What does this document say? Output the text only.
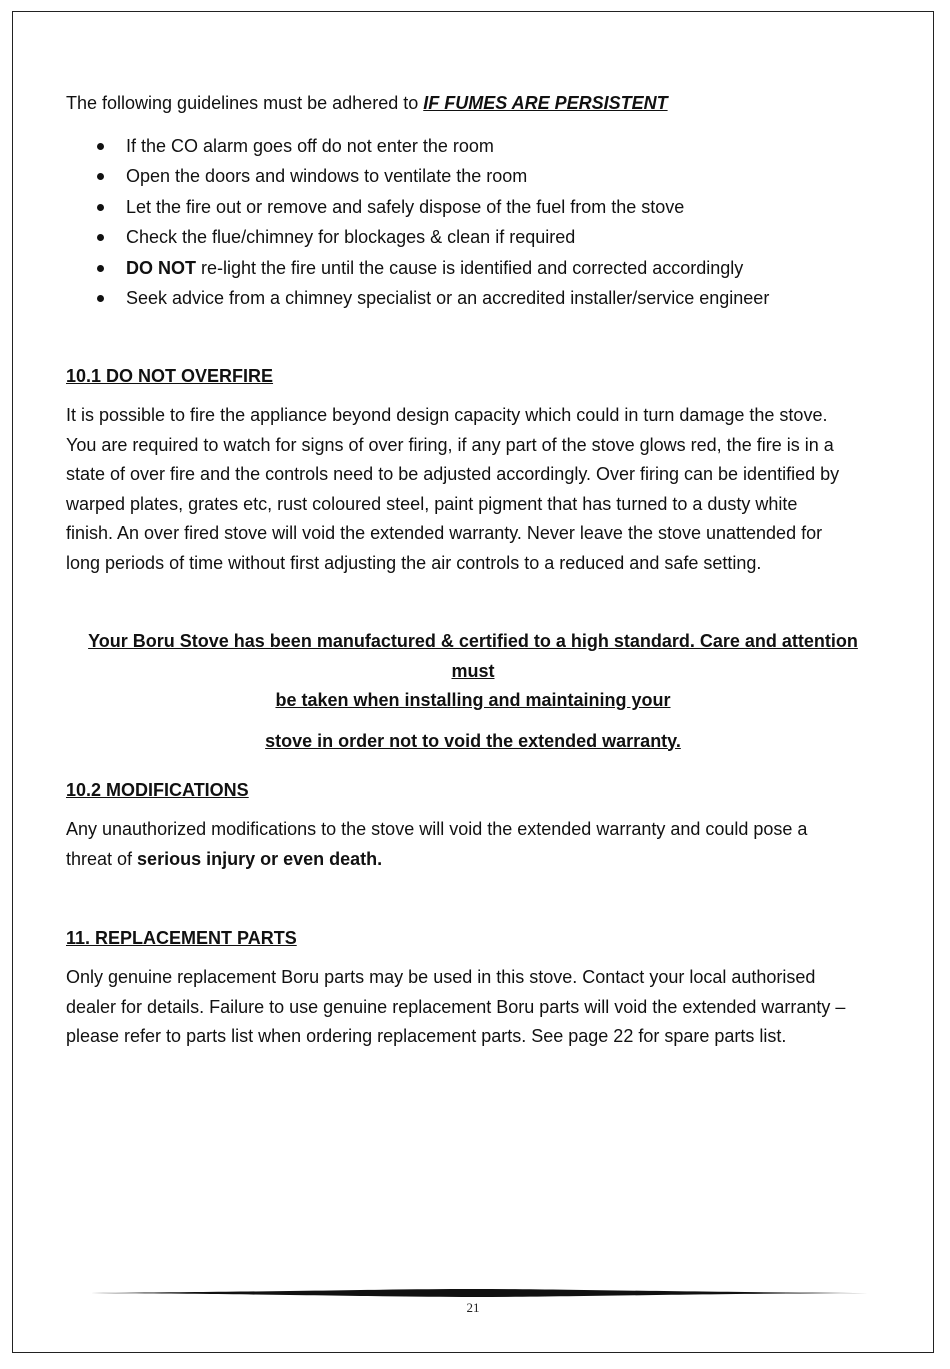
The following guidelines must be adhered to IF FUMES ARE PERSISTENT
If the CO alarm goes off do not enter the room
Open the doors and windows to ventilate the room
Let the fire out or remove and safely dispose of the fuel from the stove
Check the flue/chimney for blockages & clean if required
DO NOT re-light the fire until the cause is identified and corrected accordingly
Seek advice from a chimney specialist or an accredited installer/service engineer
10.1 DO NOT OVERFIRE
It is possible to fire the appliance beyond design capacity which could in turn damage the stove.
You are required to watch for signs of over firing, if any part of the stove glows red, the fire is in a
state of over fire and the controls need to be adjusted accordingly. Over firing can be identified by
warped plates, grates etc, rust coloured steel, paint pigment that has turned to a dusty white
finish. An over fired stove will void the extended warranty. Never leave the stove unattended for
long periods of time without first adjusting the air controls to a reduced and safe setting.
Your Boru Stove has been manufactured & certified to a high standard. Care and attention must
be taken when installing and maintaining your
stove in order not to void the extended warranty.
10.2 MODIFICATIONS
Any unauthorized modifications to the stove will void the extended warranty and could pose a
threat of serious injury or even death.
11. REPLACEMENT PARTS
Only genuine replacement Boru parts may be used in this stove. Contact your local authorised
dealer for details. Failure to use genuine replacement Boru parts will void the extended warranty –
please refer to parts list when ordering replacement parts. See page 22 for spare parts list.
21
